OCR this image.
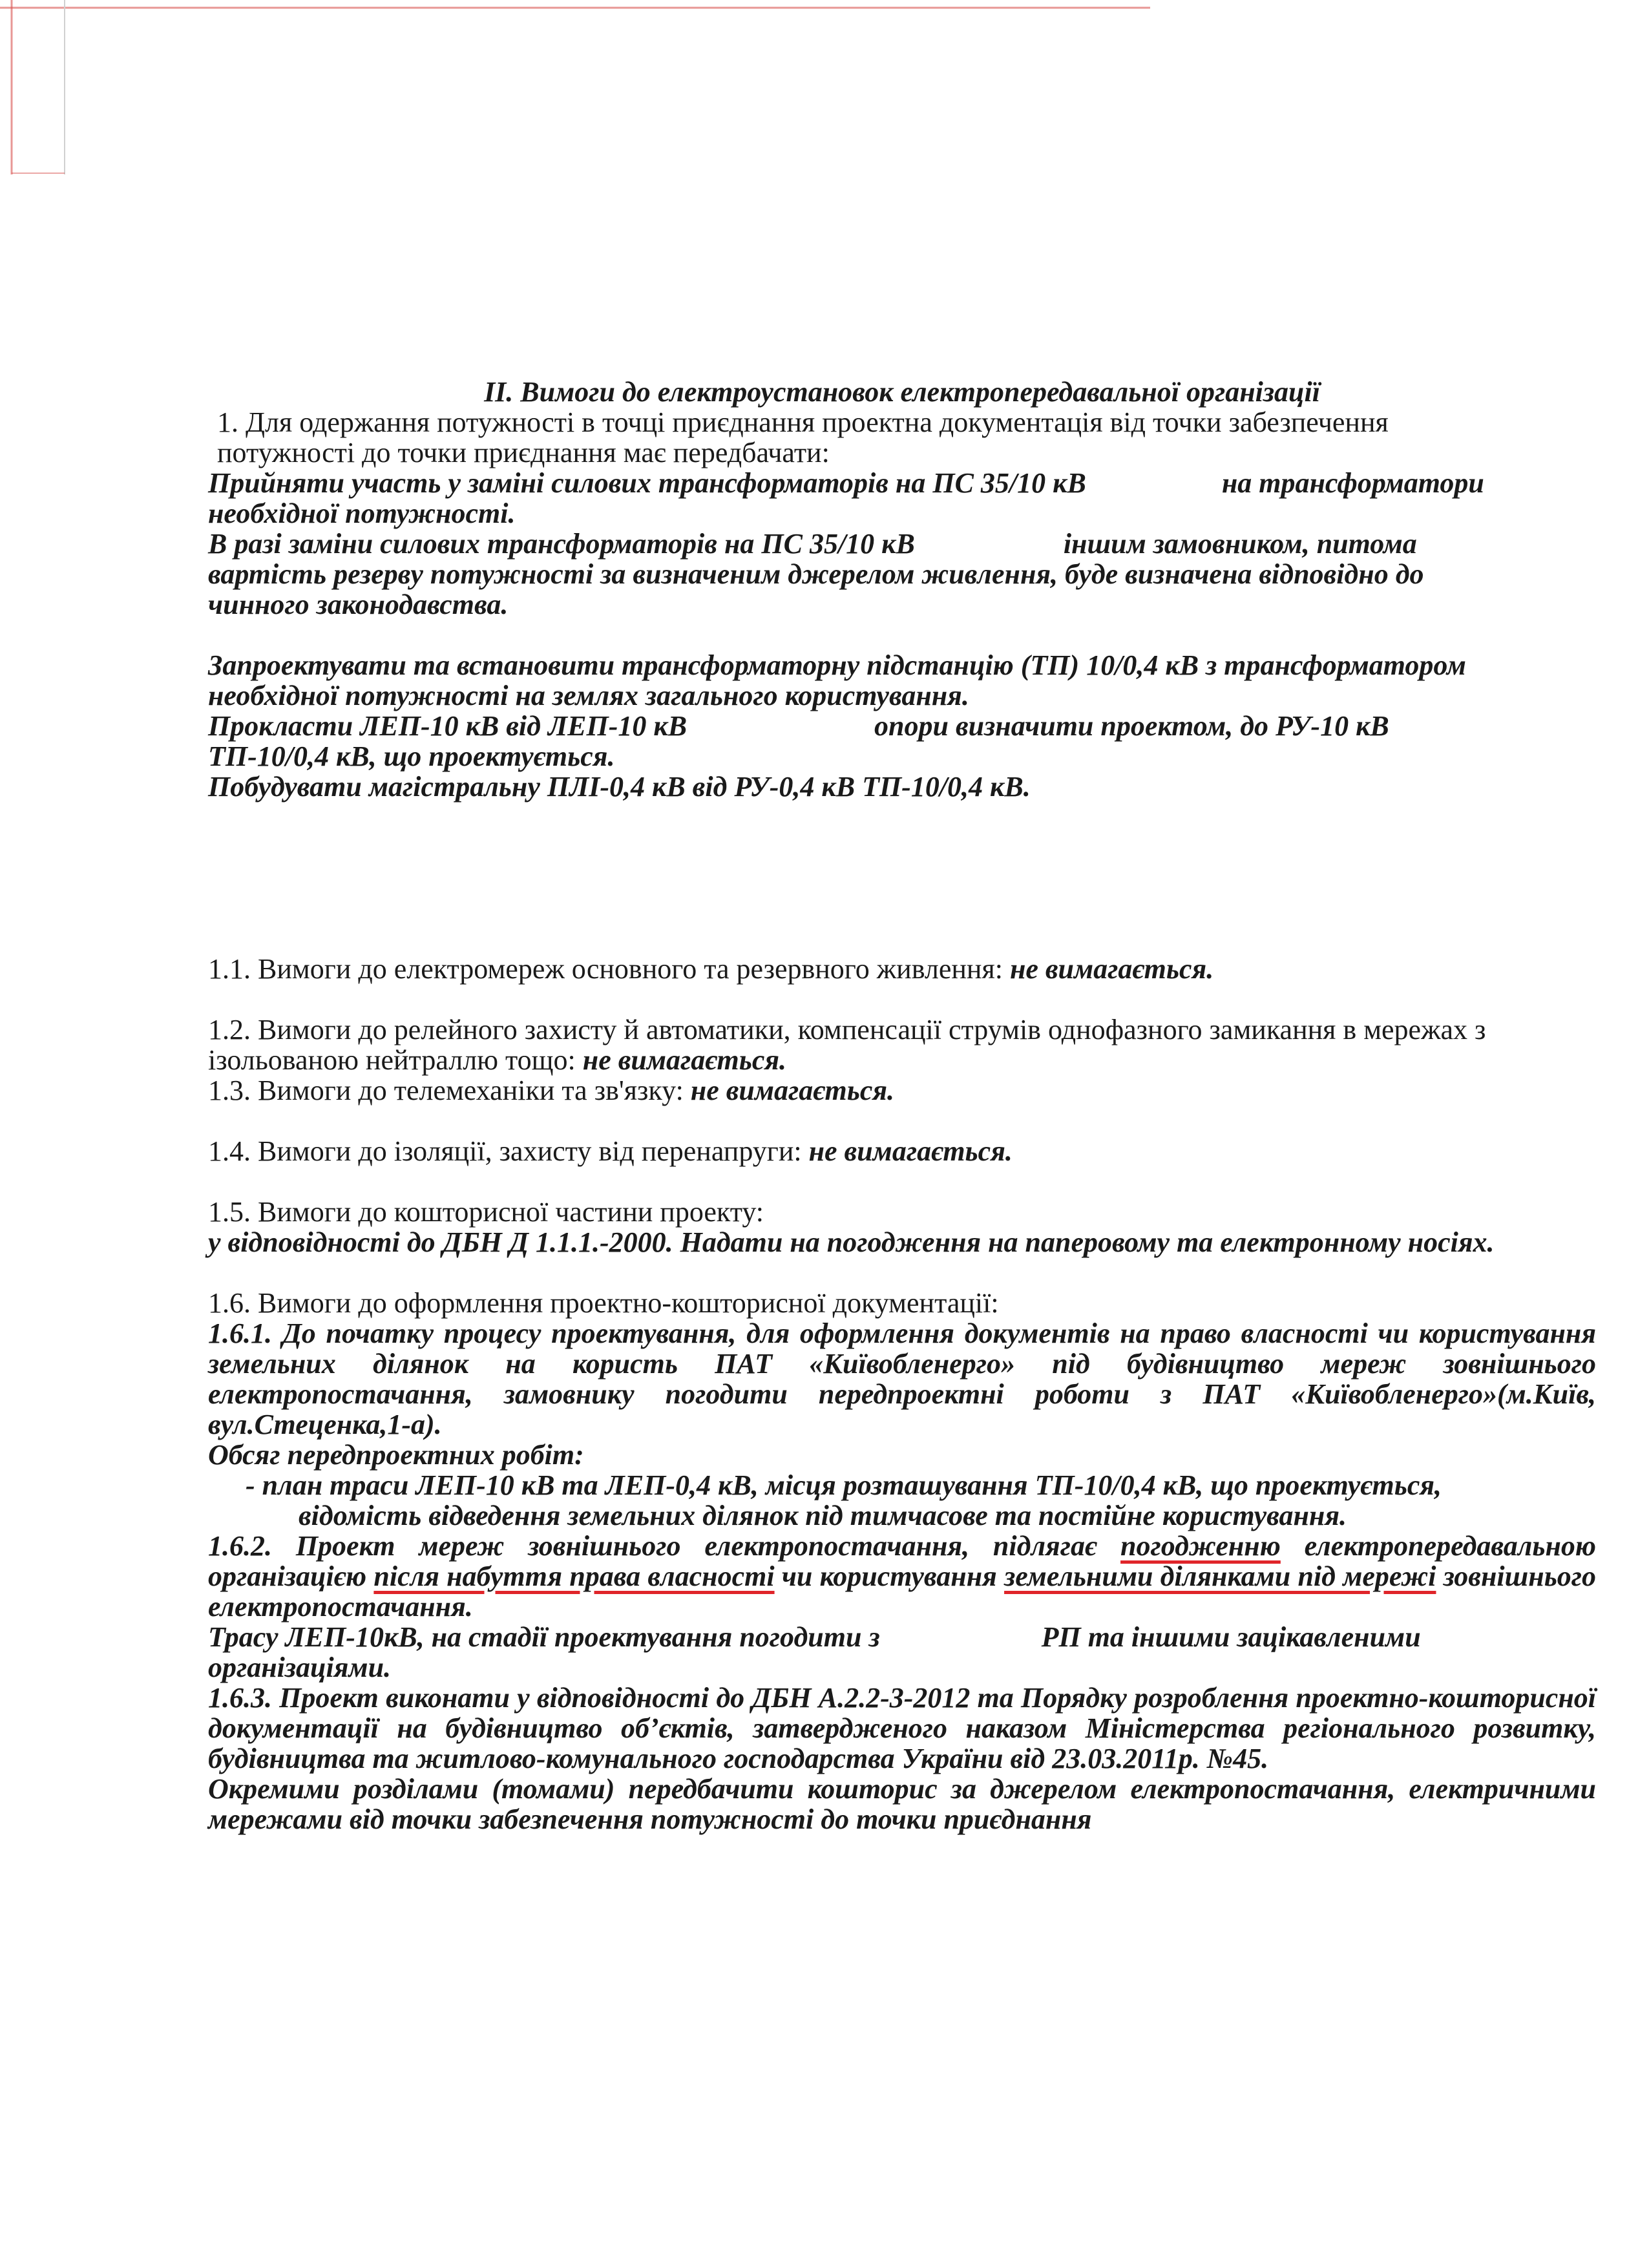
ІІ. Вимоги до електроустановок електропередавальної організації

1. Для одержання потужності в точці приєднання проектна документація від точки забезпечення
потужності до точки приєднання має передбачати:

Прийняти участь у заміні силових трансформаторів на ПС 35/10 кВ	на трансформатори
необхідної потужності.

В разі заміни силових трансформаторів на ПС 35/10 кВ	іншим замовником, питома
вартість резерву потужності за визначеним джерелом живлення, буде визначена відповідно до
чинного законодавства.

Запроектувати та встановити трансформаторну підстанцію (ТП) 10/0,4 кВ з трансформатором
необхідної потужності на землях загального користування.

Прокласти ЛЕП-10 кВ від ЛЕП-10 кВ	опори визначити проектом, до РУ-10 кВ
ТП-10/0,4 кВ, що проектується.

Побудувати магістральну ПЛІ-0,4 кВ від РУ-0,4 кВ ТП-10/0,4 кВ.

1.1. Вимоги до електромереж основного та резервного живлення: не вимагається.

1.2. Вимоги до релейного захисту й автоматики, компенсації струмів однофазного замикання в мережах з
ізольованою нейтраллю тощо: не вимагається.

1.3. Вимоги до телемеханіки та зв'язку: не вимагається.

1.4. Вимоги до ізоляції, захисту від перенапруги: не вимагається.

1.5. Вимоги до кошторисної частини проекту:

у відповідності до ДБН Д 1.1.1.-2000. Надати на погодження на паперовому та електронному носіях.

1.6. Вимоги до оформлення проектно-кошторисної документації:

1.6.1. До початку процесу проектування, для оформлення документів на право власності чи користування земельних ділянок на користь ПАТ «Київобленерго» під будівництво мереж зовнішнього електропостачання, замовнику погодити передпроектні роботи з ПАТ «Київобленерго»(м.Київ, вул.Стеценка,1-а).

Обсяг передпроектних робіт:

- план траси ЛЕП-10 кВ та ЛЕП-0,4 кВ, місця розташування ТП-10/0,4 кВ, що проектується,

відомість відведення земельних ділянок під тимчасове та постійне користування.

1.6.2. Проект мереж зовнішнього електропостачання, підлягає погодженню електропередавальною організацією після набуття права власності чи користування земельними ділянками під мережі зовнішнього електропостачання.

Трасу ЛЕП-10кВ, на стадії проектування погодити з	РП та іншими зацікавленими
організаціями.

1.6.3. Проект виконати у відповідності до ДБН А.2.2-3-2012 та Порядку розроблення проектно-кошторисної документації на будівництво об’єктів, затвердженого наказом Міністерства регіонального розвитку, будівництва та житлово-комунального господарства України від 23.03.2011р. №45.

Окремими розділами (томами) передбачити кошторис за джерелом електропостачання, електричними мережами від точки забезпечення потужності до точки приєднання
